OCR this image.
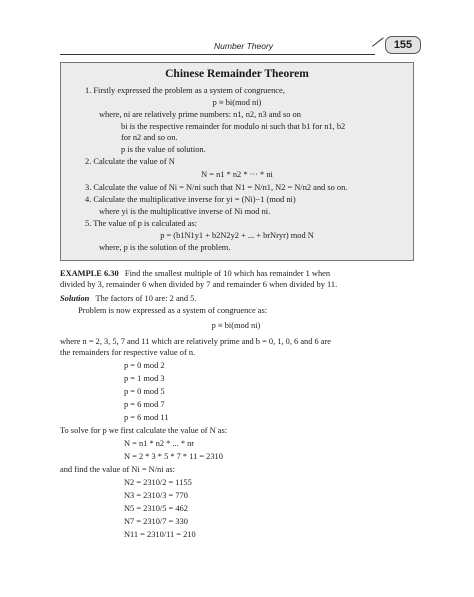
Number Theory	155
Chinese Remainder Theorem
1. Firstly expressed the problem as a system of congruence,
p ≡ bi(mod ni)
where, ni are relatively prime numbers: n1, n2, n3 and so on
bi is the respective remainder for modulo ni such that b1 for n1, b2
for n2 and so on.
p is the value of solution.
2. Calculate the value of N
N = n1 * n2 * ··· * ni
3. Calculate the value of Ni = N/ni such that N1 = N/n1, N2 = N/n2 and so on.
4. Calculate the multiplicative inverse for yi = (Ni)−1 (mod ni)
where yi is the multiplicative inverse of Ni mod ni.
5. The value of p is calculated as:
p = (b1N1y1 + b2N2y2 + ... + brNryr) mod N
where, p is the solution of the problem.
EXAMPLE 6.30 Find the smallest multiple of 10 which has remainder 1 when
divided by 3, remainder 6 when divided by 7 and remainder 6 when divided by 11.
Solution The factors of 10 are: 2 and 5.
Problem is now expressed as a system of congruence as:
p ≡ bi(mod ni)
where n = 2, 3, 5, 7 and 11 which are relatively prime and b = 0, 1, 0, 6 and 6 are
the remainders for respective value of n.
p = 0 mod 2
p = 1 mod 3
p = 0 mod 5
p = 6 mod 7
p = 6 mod 11
To solve for p we first calculate the value of N as:
N = n1 * n2 * ... * nr
N = 2 * 3 * 5 * 7 * 11 = 2310
and find the value of Ni = N/ni as:
N2 = 2310/2 = 1155
N3 = 2310/3 = 770
N5 = 2310/5 = 462
N7 = 2310/7 = 330
N11 = 2310/11 = 210
